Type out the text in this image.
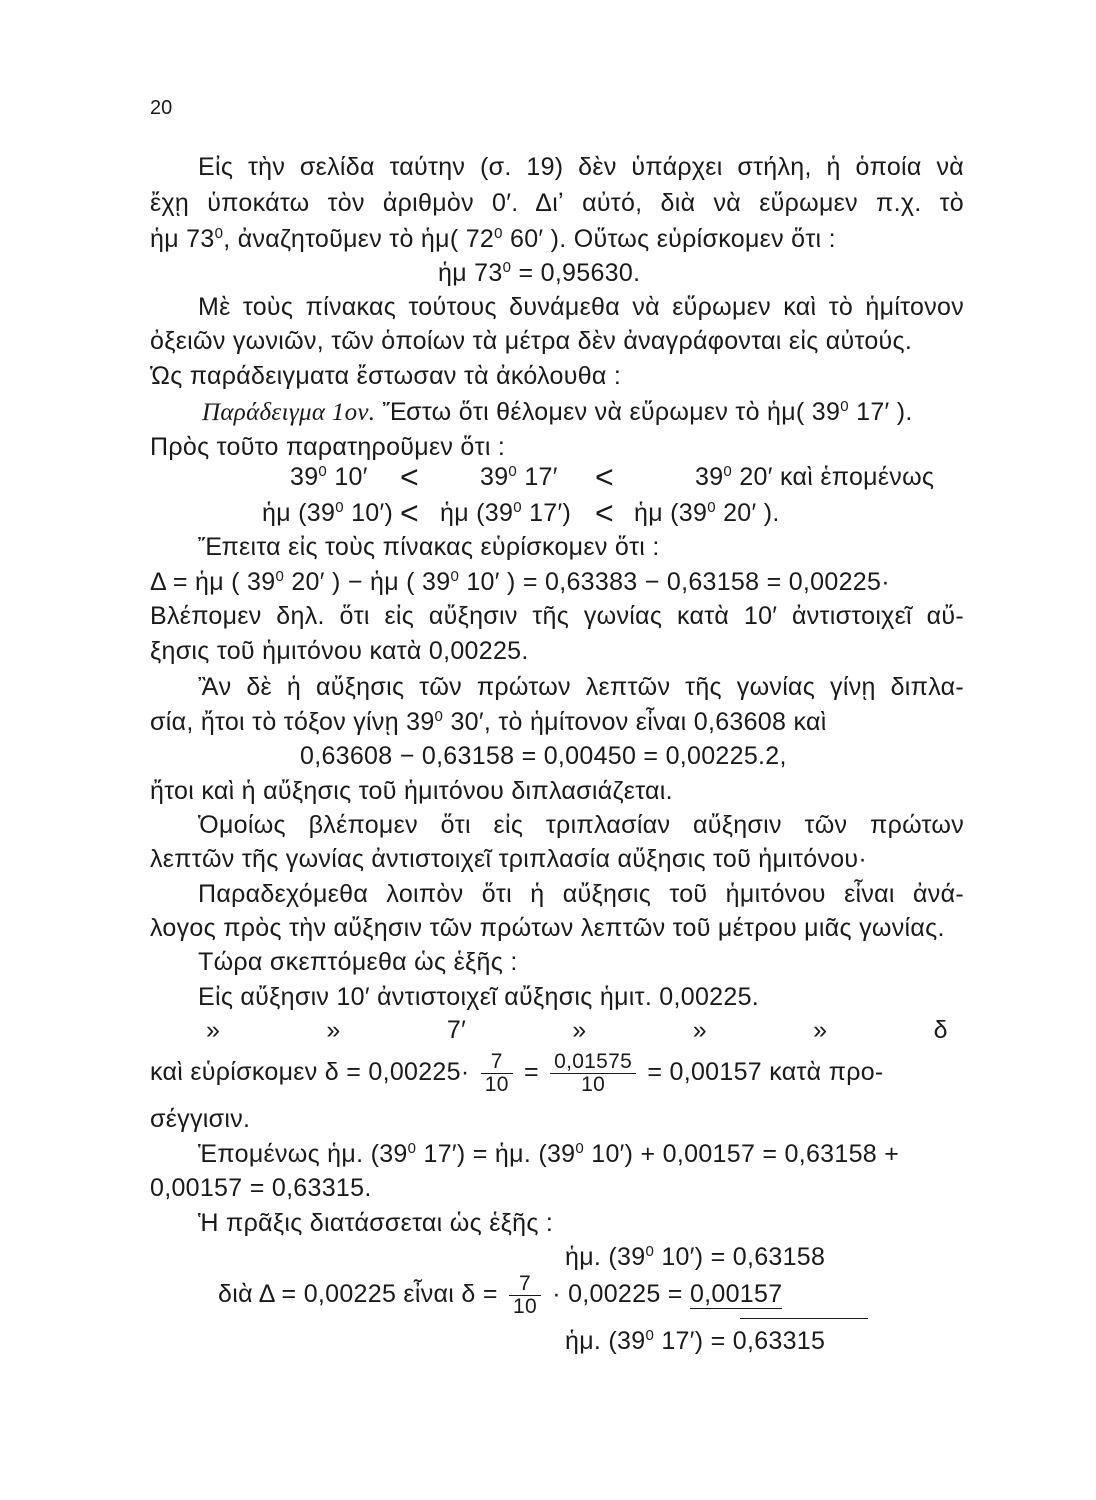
20
Εἰς τὴν σελίδα ταύτην (σ. 19) δὲν ὑπάρχει στήλη, ἡ ὁποία νὰ
ἔχῃ ὑποκάτω τὸν ἀριθμὸν 0′. Διʼ αὐτό, διὰ νὰ εὕρωμεν π.χ. τὸ
ἡμ $73^0$, ἀναζητοῦμεν τὸ ἡμ( $72^0$ 60′ ). Οὕτως εὑρίσκομεν ὅτι :
ἡμ $73^0 = 0,95630$.
Μὲ τοὺς πίνακας τούτους δυνάμεθα νὰ εὕρωμεν καὶ τὸ ἡμίτονον
ὀξειῶν γωνιῶν, τῶν ὁποίων τὰ μέτρα δὲν ἀναγράφονται εἰς αὐτούς.
Ὡς παράδειγματα ἔστωσαν τὰ ἀκόλουθα :
Παράδειγμα 1ον. Ἔστω ὅτι θέλομεν νὰ εὕρωμεν τὸ ἡμ( $39^0$ 17′ ).
Πρὸς τοῦτο παρατηροῦμεν ὅτι :
$39^0$ $10' < 39^0$ 17′ <	$39^0$ 20′ καὶ ἑπομένως
ἡμ ($39^0$ 10′) < ἡμ ($39^0$ 17′) < ἡμ ($39^0$ 20′ ).
Ἔπειτα εἰς τοὺς πίνακας εὑρίσκομεν ὅτι :
Δ = ἡμ ( $39^0$ 20′ ) − ἡμ ( $39^0$ 10′ ) = 0,63383 − 0,63158 = 0,00225·
Βλέπομεν δηλ. ὅτι εἰς αὔξησιν τῆς γωνίας κατὰ 10′ ἀντιστοιχεῖ αὔ-
ξησις τοῦ ἡμιτόνου κατὰ 0,00225.
Ἂν δὲ ἡ αὔξησις τῶν πρώτων λεπτῶν τῆς γωνίας γίνῃ διπλα-
σία, ἤτοι τὸ τόξον γίνῃ $39^0$ 30′, τὸ ἡμίτονον εἶναι 0,63608 καὶ
0,63608 − 0,63158 = 0,00450 = 0,00225.2,
ἤτοι καὶ ἡ αὔξησις τοῦ ἡμιτόνου διπλασιάζεται.
Ὁμοίως βλέπομεν ὅτι εἰς τριπλασίαν αὔξησιν τῶν πρώτων
λεπτῶν τῆς γωνίας ἀντιστοιχεῖ τριπλασία αὔξησις τοῦ ἡμιτόνου·
Παραδεχόμεθα λοιπὸν ὅτι ἡ αὔξησις τοῦ ἡμιτόνου εἶναι ἀνά-
λογος πρὸς τὴν αὔξησιν τῶν πρώτων λεπτῶν τοῦ μέτρου μιᾶς γωνίας.
Τώρα σκεπτόμεθα ὡς ἑξῆς :
Εἰς αὔξησιν 10′ ἀντιστοιχεῖ αὔξησις ἡμιτ. 0,00225.
»     »     7′     »     »     »     δ
καὶ εὑρίσκομεν $\delta = 0,00225\cdot \frac{7}{10} = \frac{0,01575}{10} = 0,00157$ κατὰ προ-
σέγγισιν.
Ἑπομένως ἡμ. ($39^0$ 17′) = ἡμ. ($39^0$ 10′) + 0,00157 = 0,63158 +
0,00157 = 0,63315.
Ἡ πρᾶξις διατάσσεται ὡς ἑξῆς :
ἡμ. ($39^0$ 10′) = 0,63158
διὰ Δ = 0,00225 εἶναι $\delta = \frac{7}{10} \cdot 0,00225 = 0,00157$
ἡμ. ($39^0$ 17′) = 0,63315
